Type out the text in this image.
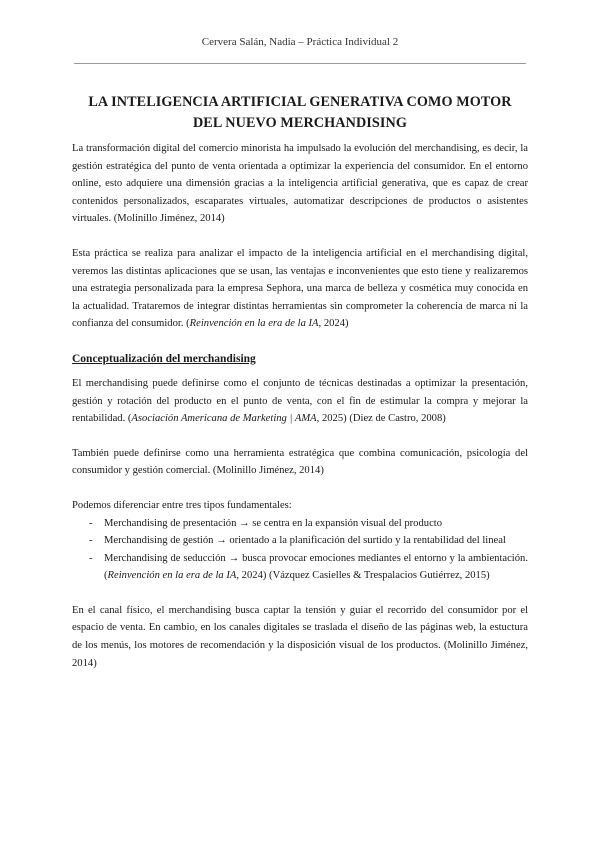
Cervera Salán, Nadia – Práctica Individual 2
LA INTELIGENCIA ARTIFICIAL GENERATIVA COMO MOTOR DEL NUEVO MERCHANDISING

La transformación digital del comercio minorista ha impulsado la evolución del merchandising, es decir, la gestión estratégica del punto de venta orientada a optimizar la experiencia del consumidor. En el entorno online, esto adquiere una dimensión gracias a la inteligencia artificial generativa, que es capaz de crear contenidos personalizados, escaparates virtuales, automatizar descripciones de productos o asistentes virtuales. (Molinillo Jiménez, 2014)

Esta práctica se realiza para analizar el impacto de la inteligencia artificial en el merchandising digital, veremos las distintas aplicaciones que se usan, las ventajas e inconvenientes que esto tiene y realizaremos una estrategia personalizada para la empresa Sephora, una marca de belleza y cosmética muy conocida en la actualidad. Trataremos de integrar distintas herramientas sin comprometer la coherencia de marca ni la confianza del consumidor. (Reinvención en la era de la IA, 2024)

Conceptualización del merchandising

El merchandising puede definirse como el conjunto de técnicas destinadas a optimizar la presentación, gestión y rotación del producto en el punto de venta, con el fin de estimular la compra y mejorar la rentabilidad. (Asociación Americana de Marketing | AMA, 2025) (Diez de Castro, 2008)

También puede definirse como una herramienta estratégica que combina comunicación, psicología del consumidor y gestión comercial. (Molinillo Jiménez, 2014)

Podemos diferenciar entre tres tipos fundamentales:

- Merchandising de presentación → se centra en la expansión visual del producto
- Merchandising de gestión → orientado a la planificación del surtido y la rentabilidad del lineal
- Merchandising de seducción → busca provocar emociones mediantes el entorno y la ambientación. (Reinvención en la era de la IA, 2024) (Vázquez Casielles & Trespalacios Gutiérrez, 2015)

En el canal físico, el merchandising busca captar la tensión y guiar el recorrido del consumidor por el espacio de venta. En cambio, en los canales digitales se traslada el diseño de las páginas web, la estuctura de los menús, los motores de recomendación y la disposición visual de los productos. (Molinillo Jiménez, 2014)
